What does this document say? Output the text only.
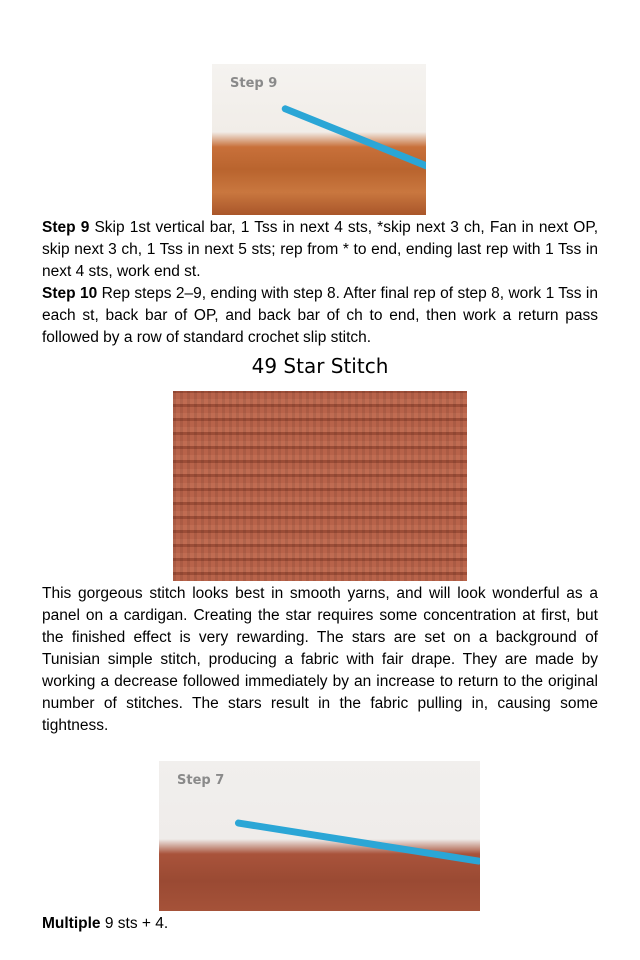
Step 9

Step 9 Skip 1st vertical bar, 1 Tss in next 4 sts, *skip next 3 ch, Fan in next OP, skip next 3 ch, 1 Tss in next 5 sts; rep from * to end, ending last rep with 1 Tss in next 4 sts, work end st.

Step 10 Rep steps 2–9, ending with step 8. After final rep of step 8, work 1 Tss in each st, back bar of OP, and back bar of ch to end, then work a return pass followed by a row of standard crochet slip stitch.

49 Star Stitch

This gorgeous stitch looks best in smooth yarns, and will look wonderful as a panel on a cardigan. Creating the star requires some concentration at first, but the finished effect is very rewarding. The stars are set on a background of Tunisian simple stitch, producing a fabric with fair drape. They are made by working a decrease followed immediately by an increase to return to the original number of stitches. The stars result in the fabric pulling in, causing some tightness.

Step 7

Multiple 9 sts + 4.
